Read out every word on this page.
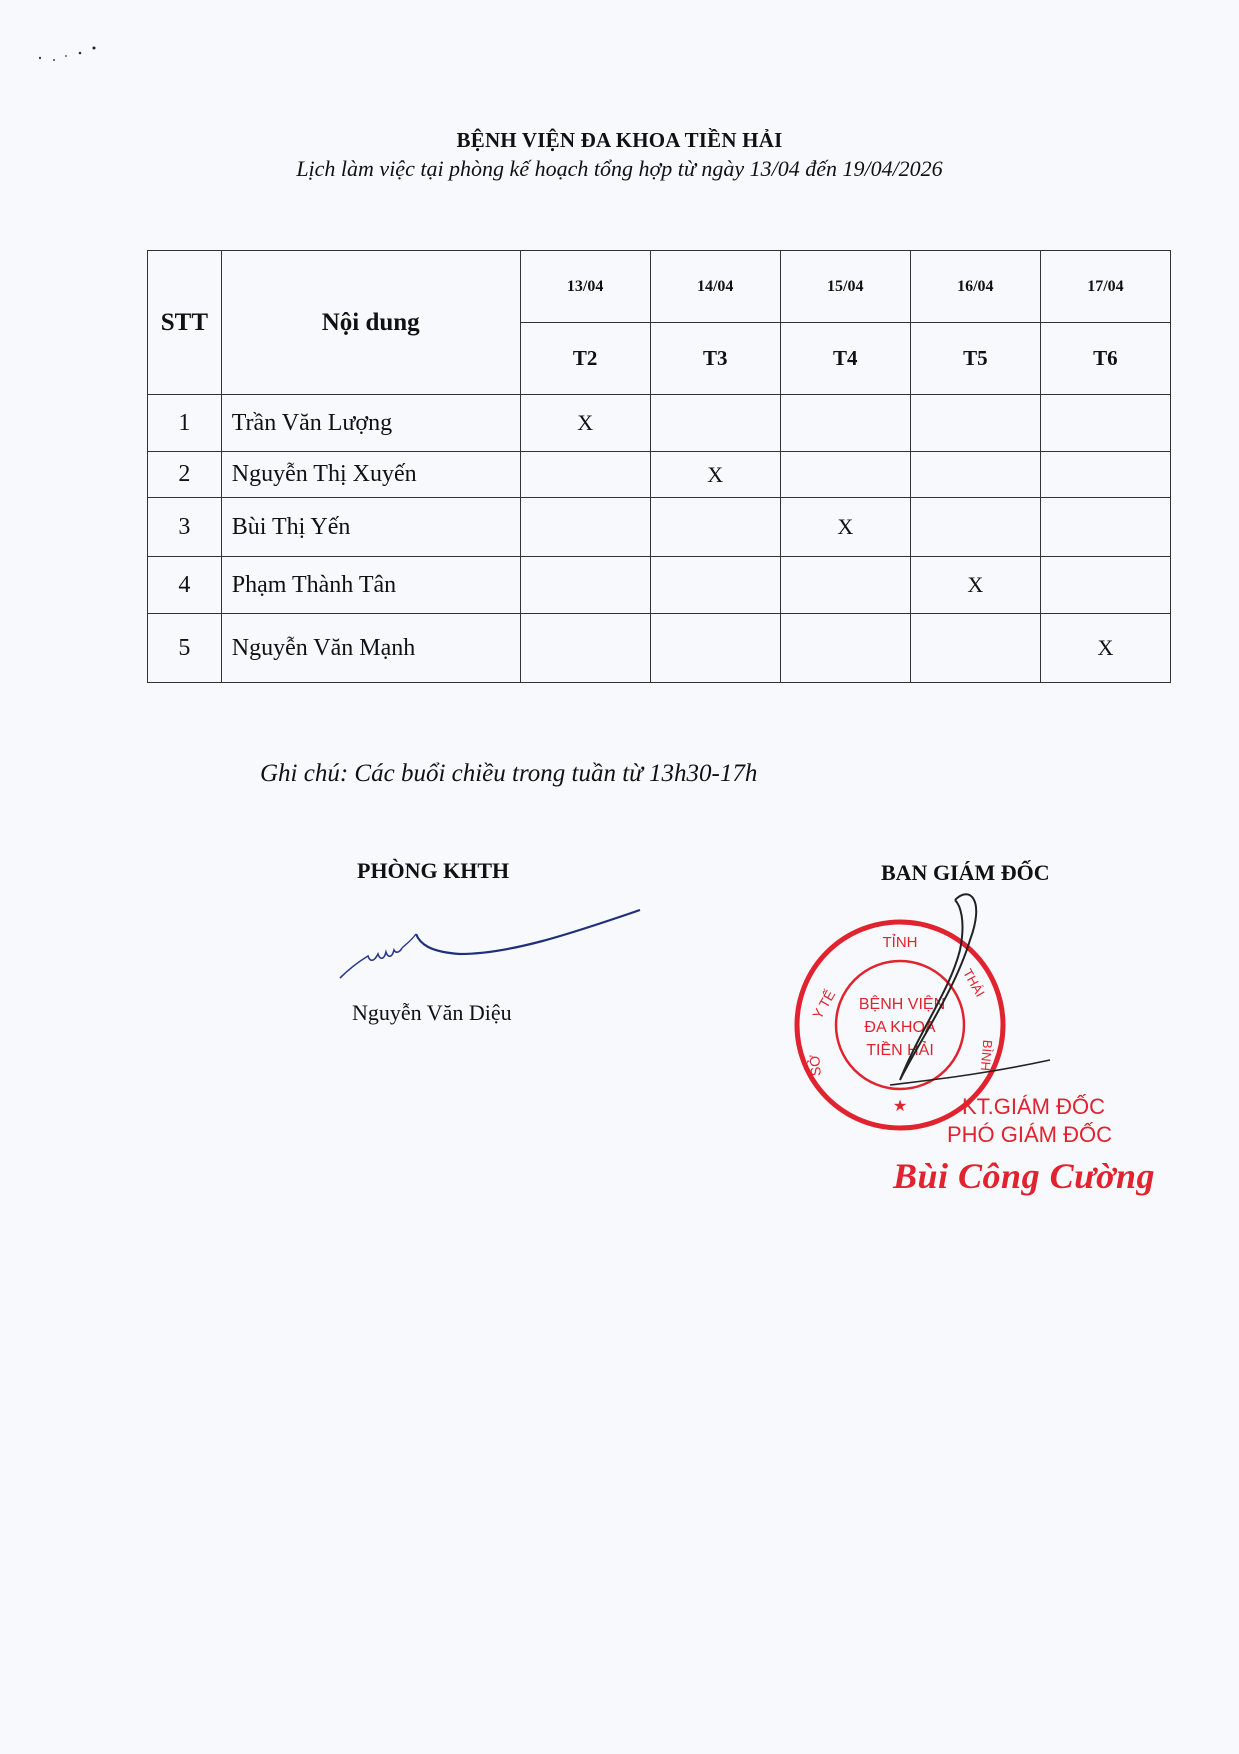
BỆNH VIỆN ĐA KHOA TIỀN HẢI
Lịch làm việc tại phòng kế hoạch tổng hợp từ ngày 13/04 đến 19/04/2026
STT	Nội dung	13/04	14/04	15/04	16/04	17/04
		T2	T3	T4	T5	T6
1	Trần Văn Lượng	X				
2	Nguyễn Thị Xuyến		X			
3	Bùi Thị Yến			X		
4	Phạm Thành Tân				X	
5	Nguyễn Văn Mạnh					X
Ghi chú: Các buổi chiều trong tuần từ 13h30-17h
PHÒNG KHTH
Nguyễn Văn Diệu
BAN GIÁM ĐỐC
TỈNH
Y TẾ
SỞ
THÁI
BÌNH
BỆNH VIỆN
ĐA KHOA
TIỀN HẢI
★ KT.GIÁM ĐỐC
PHÓ GIÁM ĐỐC
Bùi Công Cường
